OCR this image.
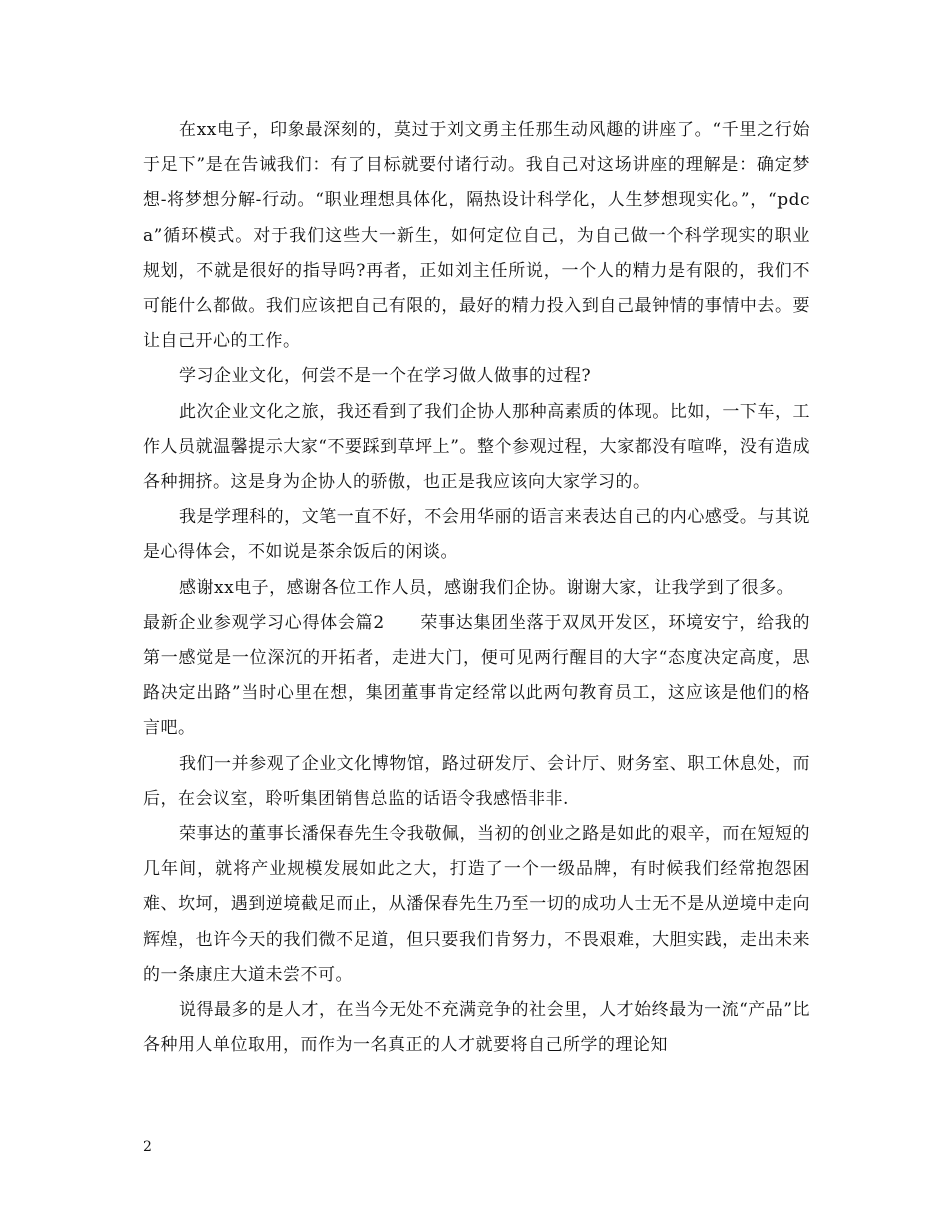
在xx电子，印象最深刻的，莫过于刘文勇主任那生动风趣的讲座了。“千里之行始于足下”是在告诫我们：有了目标就要付诸行动。我自己对这场讲座的理解是：确定梦想-将梦想分解-行动。“职业理想具体化，隔热设计科学化，人生梦想现实化。”，“pdca”循环模式。对于我们这些大一新生，如何定位自己，为自己做一个科学现实的职业规划，不就是很好的指导吗?再者，正如刘主任所说，一个人的精力是有限的，我们不可能什么都做。我们应该把自己有限的，最好的精力投入到自己最钟情的事情中去。要让自己开心的工作。

学习企业文化，何尝不是一个在学习做人做事的过程?

此次企业文化之旅，我还看到了我们企协人那种高素质的体现。比如，一下车，工作人员就温馨提示大家“不要踩到草坪上”。整个参观过程，大家都没有喧哗，没有造成各种拥挤。这是身为企协人的骄傲，也正是我应该向大家学习的。

我是学理科的，文笔一直不好，不会用华丽的语言来表达自己的内心感受。与其说是心得体会，不如说是茶余饭后的闲谈。

感谢xx电子，感谢各位工作人员，感谢我们企协。谢谢大家，让我学到了很多。

最新企业参观学习心得体会篇2　　荣事达集团坐落于双凤开发区，环境安宁，给我的第一感觉是一位深沉的开拓者，走进大门，便可见两行醒目的大字“态度决定高度，思路决定出路”当时心里在想，集团董事肯定经常以此两句教育员工，这应该是他们的格言吧。

我们一并参观了企业文化博物馆，路过研发厅、会计厅、财务室、职工休息处，而后，在会议室，聆听集团销售总监的话语令我感悟非非.

荣事达的董事长潘保春先生令我敬佩，当初的创业之路是如此的艰辛，而在短短的几年间，就将产业规模发展如此之大，打造了一个一级品牌，有时候我们经常抱怨困难、坎坷，遇到逆境截足而止，从潘保春先生乃至一切的成功人士无不是从逆境中走向辉煌，也许今天的我们微不足道，但只要我们肯努力，不畏艰难，大胆实践，走出未来的一条康庄大道未尝不可。

说得最多的是人才，在当今无处不充满竞争的社会里，人才始终最为一流“产品”比各种用人单位取用，而作为一名真正的人才就要将自己所学的理论知

2
